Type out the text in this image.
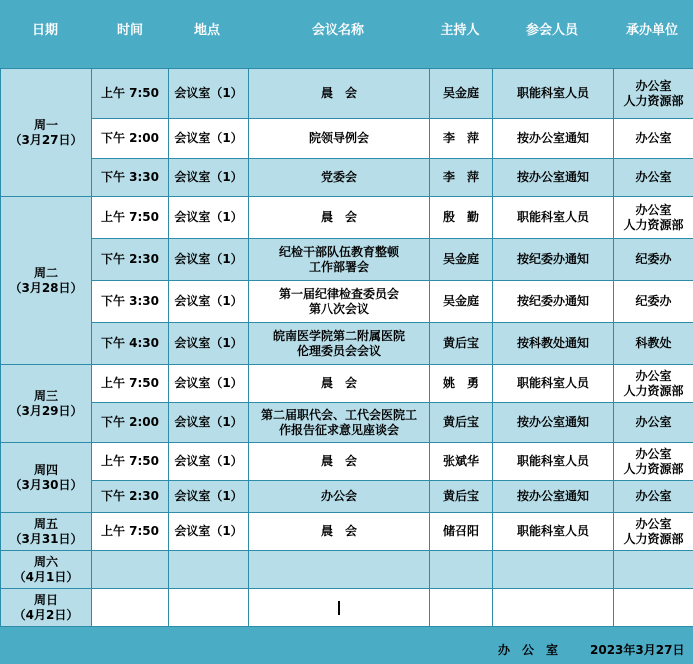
日期	时间	地点	会议名称	主持人	参会人员	承办单位
周一
（3月27日）	上午 7:50	会议室（1）	晨　会	吴金庭	职能科室人员	办公室
人力资源部
	下午 2:00	会议室（1）	院领导例会	李　萍	按办公室通知	办公室
	下午 3:30	会议室（1）	党委会	李　萍	按办公室通知	办公室
周二
（3月28日）	上午 7:50	会议室（1）	晨　会	殷　勤	职能科室人员	办公室
人力资源部
	下午 2:30	会议室（1）	纪检干部队伍教育整顿
工作部署会	吴金庭	按纪委办通知	纪委办
	下午 3:30	会议室（1）	第一届纪律检查委员会
第八次会议	吴金庭	按纪委办通知	纪委办
	下午 4:30	会议室（1）	皖南医学院第二附属医院
伦理委员会会议	黄后宝	按科教处通知	科教处
周三
（3月29日）	上午 7:50	会议室（1）	晨　会	姚　勇	职能科室人员	办公室
人力资源部
	下午 2:00	会议室（1）	第二届职代会、工代会医院工
作报告征求意见座谈会	黄后宝	按办公室通知	办公室
周四
（3月30日）	上午 7:50	会议室（1）	晨　会	张斌华	职能科室人员	办公室
人力资源部
	下午 2:30	会议室（1）	办公会	黄后宝	按办公室通知	办公室
周五
（3月31日）	上午 7:50	会议室（1）	晨　会	储召阳	职能科室人员	办公室
人力资源部
周六
（4月1日）						
周日
（4月2日）						
办　公　室	2023年3月27日
